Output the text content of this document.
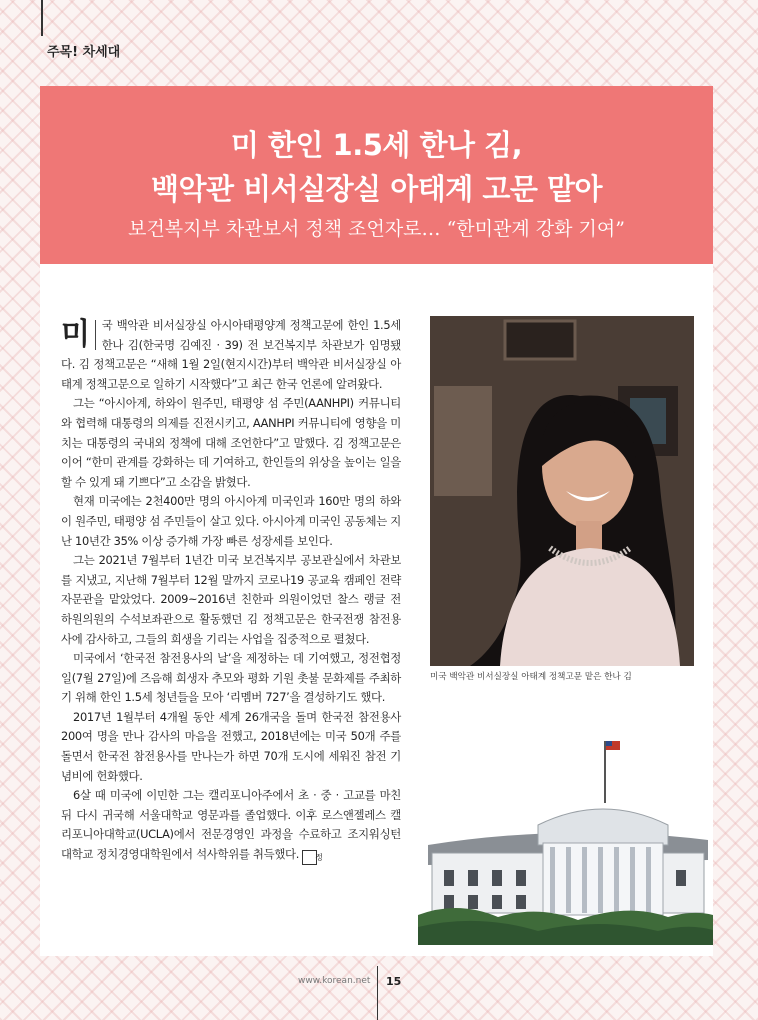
주목! 차세대
미 한인 1.5세 한나 김,
백악관 비서실장실 아태계 고문 맡아
보건복지부 차관보서 정책 조언자로… “한미관계 강화 기여”

미	국 백악관 비서실장실 아시아태평양계 정책고문에 한인 1.5세 한나 김(한국명 김예진 · 39) 전 보건복지부 차관보가 임명됐다. 김 정책고문은 “새해 1월 2일(현지시간)부터 백악관 비서실장실 아태계 정책고문으로 일하기 시작했다”고 최근 한국 언론에 알려왔다.

그는 “아시아계, 하와이 원주민, 태평양 섬 주민(AANHPI) 커뮤니티와 협력해 대통령의 의제를 진전시키고, AANHPI 커뮤니티에 영향을 미치는 대통령의 국내외 정책에 대해 조언한다”고 말했다. 김 정책고문은 이어 “한미 관계를 강화하는 데 기여하고, 한인들의 위상을 높이는 일을 할 수 있게 돼 기쁘다”고 소감을 밝혔다.

현재 미국에는 2천400만 명의 아시아계 미국인과 160만 명의 하와이 원주민, 태평양 섬 주민들이 살고 있다. 아시아계 미국인 공동체는 지난 10년간 35% 이상 증가해 가장 빠른 성장세를 보인다.

그는 2021년 7월부터 1년간 미국 보건복지부 공보관실에서 차관보를 지냈고, 지난해 7월부터 12월 말까지 코로나19 공교육 캠페인 전략자문관을 맡았었다. 2009~2016년 친한파 의원이었던 찰스 랭글 전 하원의원의 수석보좌관으로 활동했던 김 정책고문은 한국전쟁 참전용사에 감사하고, 그들의 희생을 기리는 사업을 집중적으로 펼쳤다.

미국에서 ‘한국전 참전용사의 날’을 제정하는 데 기여했고, 정전협정일(7월 27일)에 즈음해 희생자 추모와 평화 기원 촛불 문화제를 주최하기 위해 한인 1.5세 청년들을 모아 ‘리멤버 727’을 결성하기도 했다.

2017년 1월부터 4개월 동안 세계 26개국을 돌며 한국전 참전용사 200여 명을 만나 감사의 마음을 전했고, 2018년에는 미국 50개 주를 돌면서 한국전 참전용사를 만나는가 하면 70개 도시에 세워진 참전 기념비에 헌화했다.

6살 때 미국에 이민한 그는 캘리포니아주에서 초 · 중 · 고교를 마친 뒤 다시 귀국해 서울대학교 영문과를 졸업했다. 이후 로스앤젤레스 캘리포니아대학교(UCLA)에서 전문경영인 과정을 수료하고 조지워싱턴대학교 정치경영대학원에서 석사학위를 취득했다. 정

미국 백악관 비서실장실 아태계 정책고문 맡은 한나 김
www.korean.net 15
